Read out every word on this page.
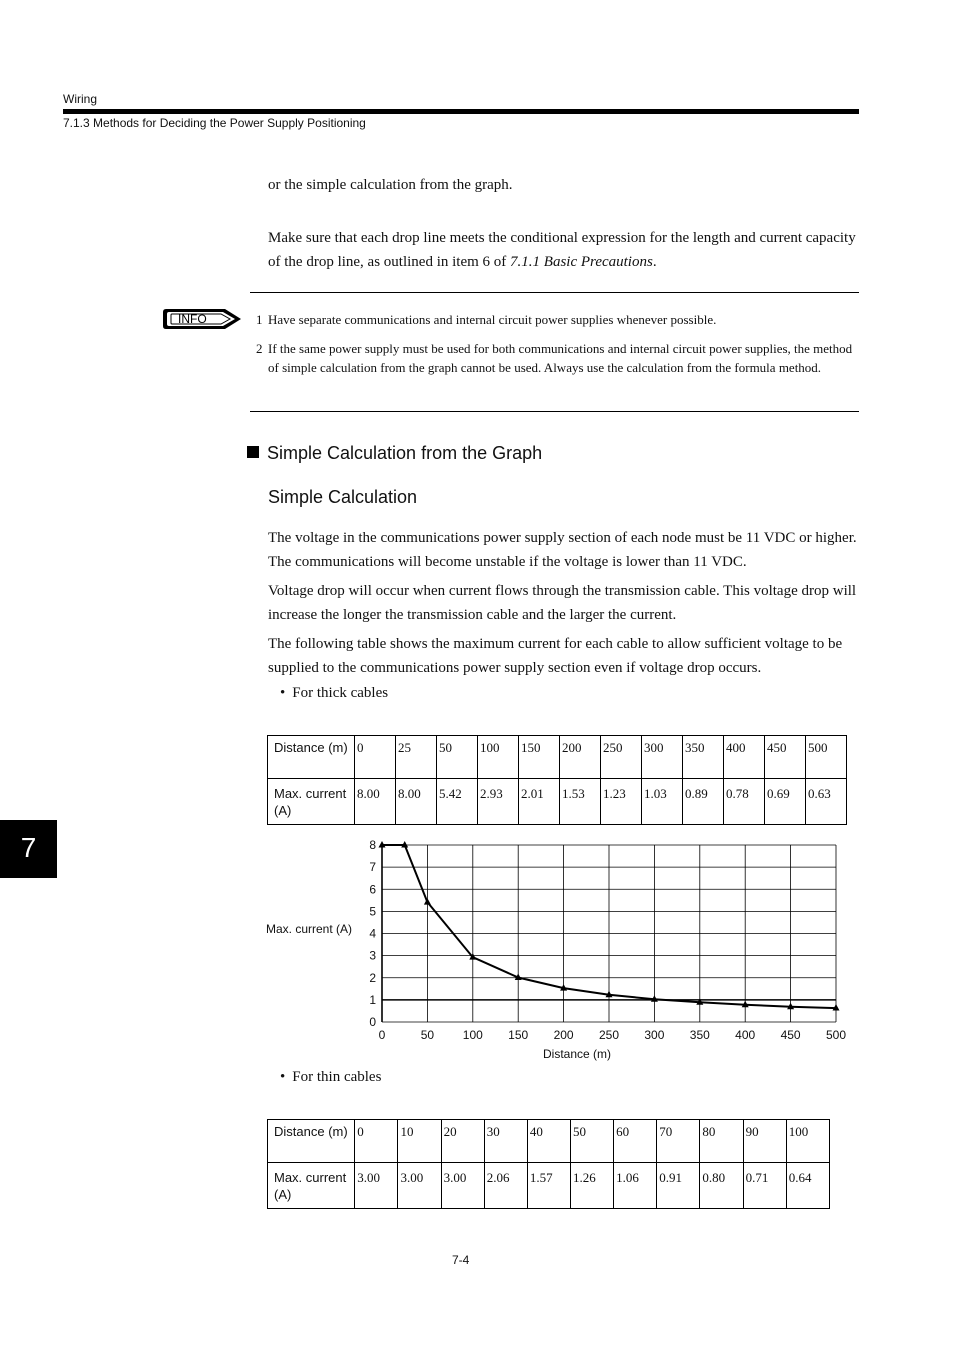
Wiring
7.1.3 Methods for Deciding the Power Supply Positioning
or the simple calculation from the graph.
Make sure that each drop line meets the conditional expression for the length and current capacity of the drop line, as outlined in item 6 of 7.1.1 Basic Precautions.
INFO	1 Have separate communications and internal circuit power supplies whenever possible.
2 If the same power supply must be used for both communications and internal circuit power supplies, the method of simple calculation from the graph cannot be used. Always use the calculation from the formula method.
Simple Calculation from the Graph
Simple Calculation
The voltage in the communications power supply section of each node must be 11 VDC or higher. The communications will become unstable if the voltage is lower than 11 VDC.
Voltage drop will occur when current flows through the transmission cable. This voltage drop will increase the longer the transmission cable and the larger the current.
The following table shows the maximum current for each cable to allow sufficient voltage to be supplied to the communications power supply section even if voltage drop occurs.
• For thick cables
Distance (m)	0	25	50	100	150	200	250	300	350	400	450	500
Max. current (A)	8.00	8.00	5.42	2.93	2.01	1.53	1.23	1.03	0.89	0.78	0.69	0.63
0
1
2
3
4
5
6
7
8
0	50 100 150 200 250 300 350 400 450 500
Max. current (A)
Distance (m)
• For thin cables
Distance (m)	0	10	20	30	40	50	60	70	80	90	100
Max. current (A)	3.00	3.00	3.00	2.06	1.57	1.26	1.06	0.91	0.80	0.71	0.64
7
7-4
